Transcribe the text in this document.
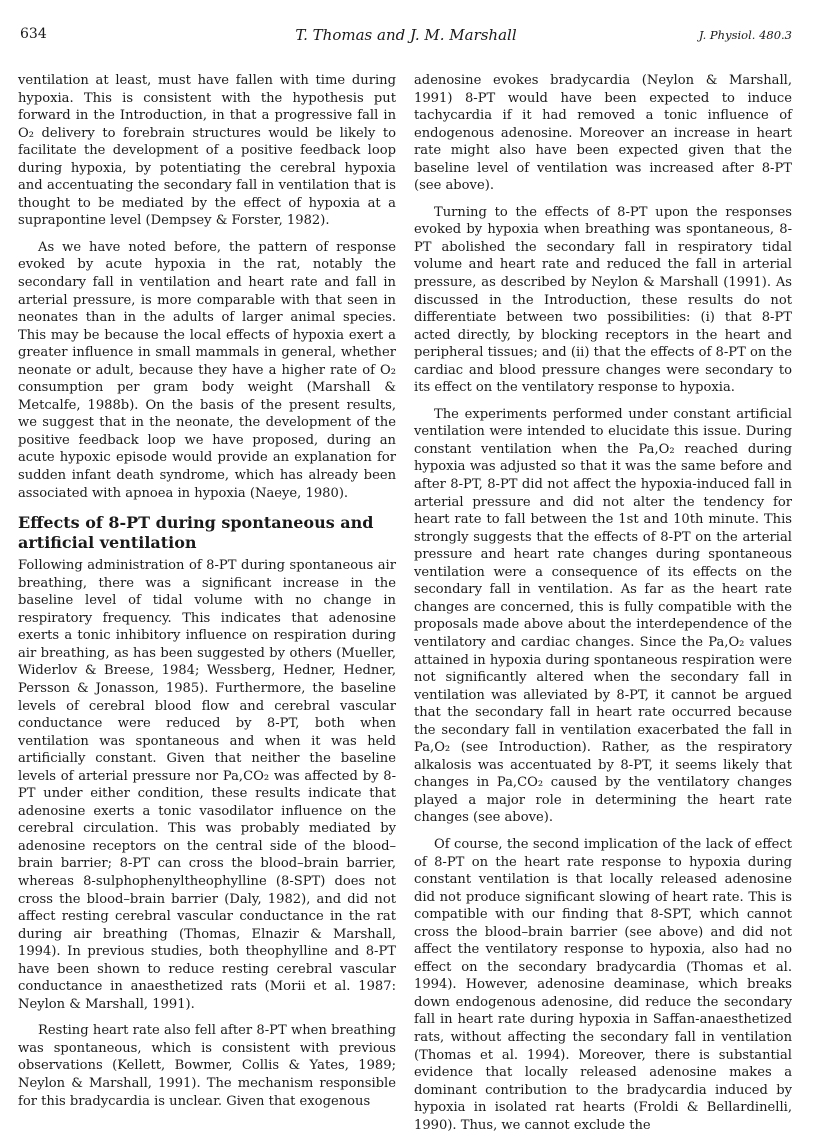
634	T. Thomas and J. M. Marshall	J. Physiol. 480.3

ventilation at least, must have fallen with time during hypoxia. This is consistent with the hypothesis put forward in the Introduction, in that a progressive fall in O₂ delivery to forebrain structures would be likely to facilitate the development of a positive feedback loop during hypoxia, by potentiating the cerebral hypoxia and accentuating the secondary fall in ventilation that is thought to be mediated by the effect of hypoxia at a suprapontine level (Dempsey & Forster, 1982).

As we have noted before, the pattern of response evoked by acute hypoxia in the rat, notably the secondary fall in ventilation and heart rate and fall in arterial pressure, is more comparable with that seen in neonates than in the adults of larger animal species. This may be because the local effects of hypoxia exert a greater influence in small mammals in general, whether neonate or adult, because they have a higher rate of O₂ consumption per gram body weight (Marshall & Metcalfe, 1988b). On the basis of the present results, we suggest that in the neonate, the development of the positive feedback loop we have proposed, during an acute hypoxic episode would provide an explanation for sudden infant death syndrome, which has already been associated with apnoea in hypoxia (Naeye, 1980).

Effects of 8-PT during spontaneous and artificial ventilation

Following administration of 8-PT during spontaneous air breathing, there was a significant increase in the baseline level of tidal volume with no change in respiratory frequency. This indicates that adenosine exerts a tonic inhibitory influence on respiration during air breathing, as has been suggested by others (Mueller, Widerlov & Breese, 1984; Wessberg, Hedner, Hedner, Persson & Jonasson, 1985). Furthermore, the baseline levels of cerebral blood flow and cerebral vascular conductance were reduced by 8-PT, both when ventilation was spontaneous and when it was held artificially constant. Given that neither the baseline levels of arterial pressure nor Pa,CO₂ was affected by 8-PT under either condition, these results indicate that adenosine exerts a tonic vasodilator influence on the cerebral circulation. This was probably mediated by adenosine receptors on the central side of the blood–brain barrier; 8-PT can cross the blood–brain barrier, whereas 8-sulphophenyltheophylline (8-SPT) does not cross the blood–brain barrier (Daly, 1982), and did not affect resting cerebral vascular conductance in the rat during air breathing (Thomas, Elnazir & Marshall, 1994). In previous studies, both theophylline and 8-PT have been shown to reduce resting cerebral vascular conductance in anaesthetized rats (Morii et al. 1987: Neylon & Marshall, 1991).

Resting heart rate also fell after 8-PT when breathing was spontaneous, which is consistent with previous observations (Kellett, Bowmer, Collis & Yates, 1989; Neylon & Marshall, 1991). The mechanism responsible for this bradycardia is unclear. Given that exogenous

adenosine evokes bradycardia (Neylon & Marshall, 1991) 8-PT would have been expected to induce tachycardia if it had removed a tonic influence of endogenous adenosine. Moreover an increase in heart rate might also have been expected given that the baseline level of ventilation was increased after 8-PT (see above).

Turning to the effects of 8-PT upon the responses evoked by hypoxia when breathing was spontaneous, 8-PT abolished the secondary fall in respiratory tidal volume and heart rate and reduced the fall in arterial pressure, as described by Neylon & Marshall (1991). As discussed in the Introduction, these results do not differentiate between two possibilities: (i) that 8-PT acted directly, by blocking receptors in the heart and peripheral tissues; and (ii) that the effects of 8-PT on the cardiac and blood pressure changes were secondary to its effect on the ventilatory response to hypoxia.

The experiments performed under constant artificial ventilation were intended to elucidate this issue. During constant ventilation when the Pa,O₂ reached during hypoxia was adjusted so that it was the same before and after 8-PT, 8-PT did not affect the hypoxia-induced fall in arterial pressure and did not alter the tendency for heart rate to fall between the 1st and 10th minute. This strongly suggests that the effects of 8-PT on the arterial pressure and heart rate changes during spontaneous ventilation were a consequence of its effects on the secondary fall in ventilation. As far as the heart rate changes are concerned, this is fully compatible with the proposals made above about the interdependence of the ventilatory and cardiac changes. Since the Pa,O₂ values attained in hypoxia during spontaneous respiration were not significantly altered when the secondary fall in ventilation was alleviated by 8-PT, it cannot be argued that the secondary fall in heart rate occurred because the secondary fall in ventilation exacerbated the fall in Pa,O₂ (see Introduction). Rather, as the respiratory alkalosis was accentuated by 8-PT, it seems likely that changes in Pa,CO₂ caused by the ventilatory changes played a major role in determining the heart rate changes (see above).

Of course, the second implication of the lack of effect of 8-PT on the heart rate response to hypoxia during constant ventilation is that locally released adenosine did not produce significant slowing of heart rate. This is compatible with our finding that 8-SPT, which cannot cross the blood–brain barrier (see above) and did not affect the ventilatory response to hypoxia, also had no effect on the secondary bradycardia (Thomas et al. 1994). However, adenosine deaminase, which breaks down endogenous adenosine, did reduce the secondary fall in heart rate during hypoxia in Saffan-anaesthetized rats, without affecting the secondary fall in ventilation (Thomas et al. 1994). Moreover, there is substantial evidence that locally released adenosine makes a dominant contribution to the bradycardia induced by hypoxia in isolated rat hearts (Froldi & Bellardinelli, 1990). Thus, we cannot exclude the
